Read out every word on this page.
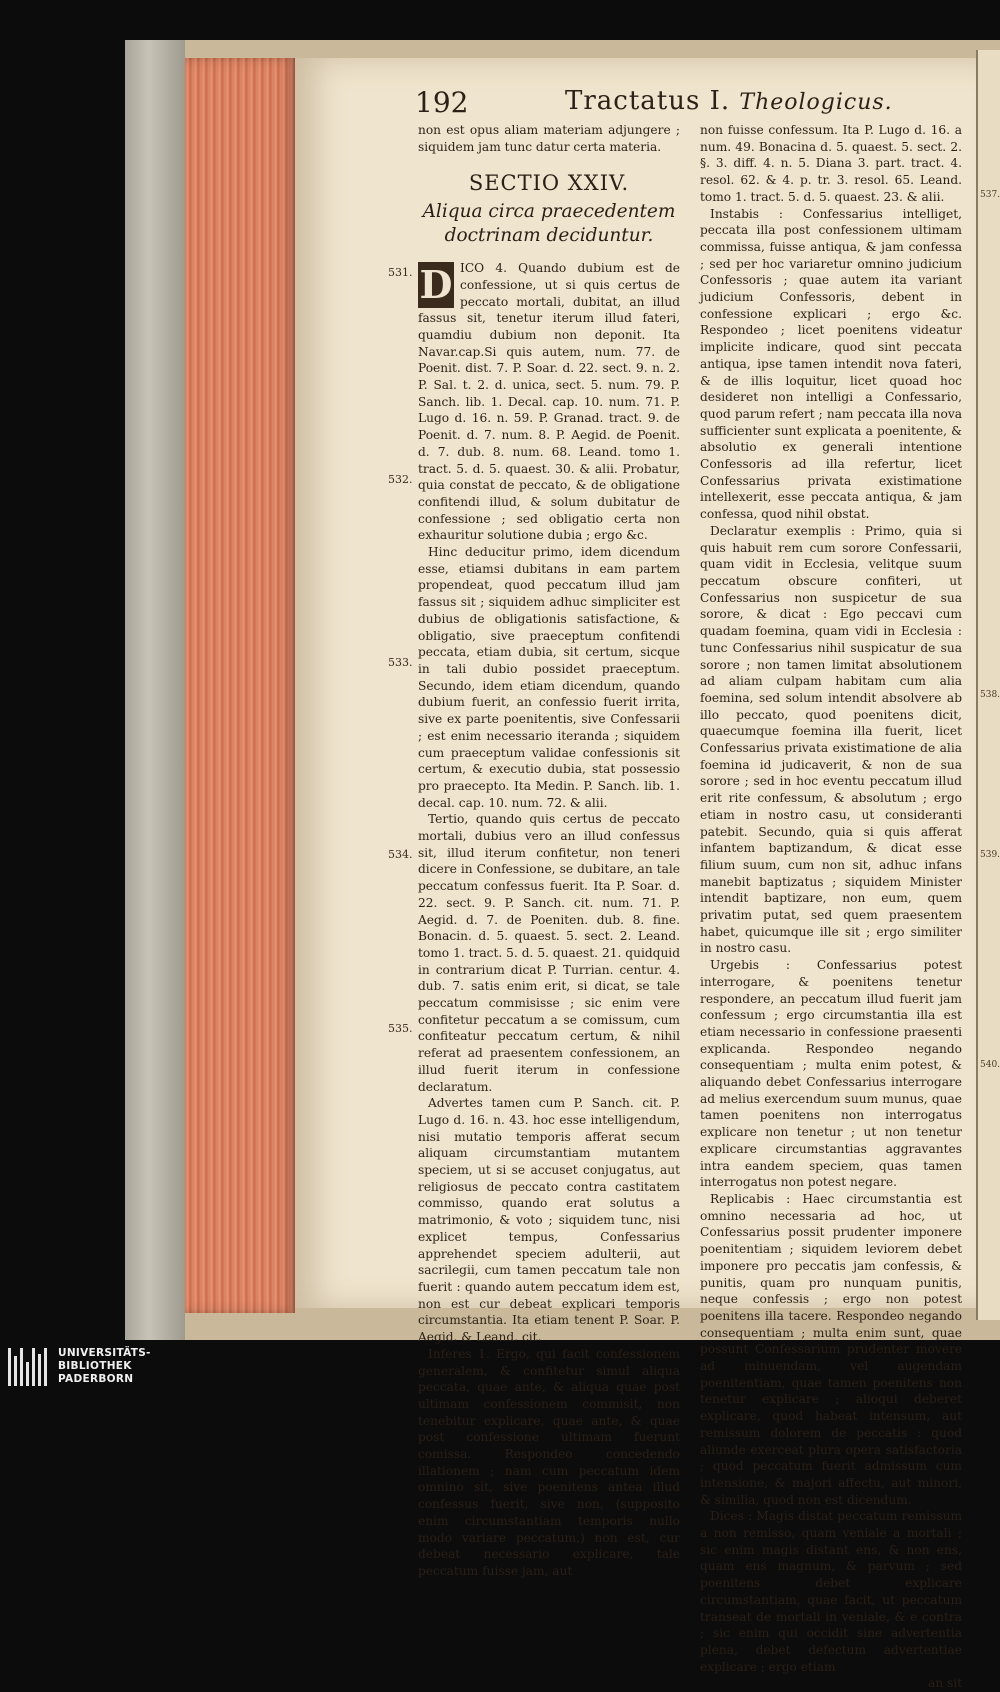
537.
538.
539.
540.
192	Tractatus I. Theologicus.
531.
532.
533.
534.
535.

non est opus aliam materiam adjungere ; siquidem jam tunc datur certa materia.

SECTIO XXIV.
Aliqua circa praecedentem doctrinam deciduntur.

D ICO 4. Quando dubium est de confessione, ut si quis certus de peccato mortali, dubitat, an illud fassus sit, tenetur iterum illud fateri, quamdiu dubium non deponit. Ita Navar.cap.Si quis autem, num. 77. de Poenit. dist. 7. P. Soar. d. 22. sect. 9. n. 2. P. Sal. t. 2. d. unica, sect. 5. num. 79. P. Sanch. lib. 1. Decal. cap. 10. num. 71. P. Lugo d. 16. n. 59. P. Granad. tract. 9. de Poenit. d. 7. num. 8. P. Aegid. de Poenit. d. 7. dub. 8. num. 68. Leand. tomo 1. tract. 5. d. 5. quaest. 30. & alii. Probatur, quia constat de peccato, & de obligatione confitendi illud, & solum dubitatur de confessione ; sed obligatio certa non exhauritur solutione dubia ; ergo &c.

Hinc deducitur primo, idem dicendum esse, etiamsi dubitans in eam partem propendeat, quod peccatum illud jam fassus sit ; siquidem adhuc simpliciter est dubius de obligationis satisfactione, & obligatio, sive praeceptum confitendi peccata, etiam dubia, sit certum, sicque in tali dubio possidet praeceptum. Secundo, idem etiam dicendum, quando dubium fuerit, an confessio fuerit irrita, sive ex parte poenitentis, sive Confessarii ; est enim necessario iteranda ; siquidem cum praeceptum validae confessionis sit certum, & executio dubia, stat possessio pro praecepto. Ita Medin. P. Sanch. lib. 1. decal. cap. 10. num. 72. & alii.

Tertio, quando quis certus de peccato mortali, dubius vero an illud confessus sit, illud iterum confitetur, non teneri dicere in Confessione, se dubitare, an tale peccatum confessus fuerit. Ita P. Soar. d. 22. sect. 9. P. Sanch. cit. num. 71. P. Aegid. d. 7. de Poeniten. dub. 8. fine. Bonacin. d. 5. quaest. 5. sect. 2. Leand. tomo 1. tract. 5. d. 5. quaest. 21. quidquid in contrarium dicat P. Turrian. centur. 4. dub. 7. satis enim erit, si dicat, se tale peccatum commisisse ; sic enim vere confitetur peccatum a se comissum, cum confiteatur peccatum certum, & nihil referat ad praesentem confessionem, an illud fuerit iterum in confessione declaratum.

Advertes tamen cum P. Sanch. cit. P. Lugo d. 16. n. 43. hoc esse intelligendum, nisi mutatio temporis afferat secum aliquam circumstantiam mutantem speciem, ut si se accuset conjugatus, aut religiosus de peccato contra castitatem commisso, quando erat solutus a matrimonio, & voto ; siquidem tunc, nisi explicet tempus, Confessarius apprehendet speciem adulterii, aut sacrilegii, cum tamen peccatum tale non fuerit : quando autem peccatum idem est, non est cur debeat explicari temporis circumstantia. Ita etiam tenent P. Soar. P. Aegid. & Leand. cit.

Inferes 1. Ergo, qui facit confessionem generalem, & confitetur simul aliqua peccata, quae ante, & aliqua quae post ultimam confessionem commisit, non tenebitur explicare, quae ante, & quae post confessione ultimam fuerunt comissa. Respondeo concedendo illationem ; nam cum peccatum idem omnino sit, sive poenitens antea illud confessus fuerit, sive non, (supposito enim circumstantiam temporis nullo modo variare peccatum,) non est, cur debeat necessario explicare, tale peccatum fuisse jam, aut

non fuisse confessum. Ita P. Lugo d. 16. a num. 49. Bonacina d. 5. quaest. 5. sect. 2. §. 3. diff. 4. n. 5. Diana 3. part. tract. 4. resol. 62. & 4. p. tr. 3. resol. 65. Leand. tomo 1. tract. 5. d. 5. quaest. 23. & alii.

Instabis : Confessarius intelliget, peccata illa post confessionem ultimam commissa, fuisse antiqua, & jam confessa ; sed per hoc variaretur omnino judicium Confessoris ; quae autem ita variant judicium Confessoris, debent in confessione explicari ; ergo &c. Respondeo ; licet poenitens videatur implicite indicare, quod sint peccata antiqua, ipse tamen intendit nova fateri, & de illis loquitur, licet quoad hoc desideret non intelligi a Confessario, quod parum refert ; nam peccata illa nova sufficienter sunt explicata a poenitente, & absolutio ex generali intentione Confessoris ad illa refertur, licet Confessarius privata existimatione intellexerit, esse peccata antiqua, & jam confessa, quod nihil obstat.

Declaratur exemplis : Primo, quia si quis habuit rem cum sorore Confessarii, quam vidit in Ecclesia, velitque suum peccatum obscure confiteri, ut Confessarius non suspicetur de sua sorore, & dicat : Ego peccavi cum quadam foemina, quam vidi in Ecclesia : tunc Confessarius nihil suspicatur de sua sorore ; non tamen limitat absolutionem ad aliam culpam habitam cum alia foemina, sed solum intendit absolvere ab illo peccato, quod poenitens dicit, quaecumque foemina illa fuerit, licet Confessarius privata existimatione de alia foemina id judicaverit, & non de sua sorore ; sed in hoc eventu peccatum illud erit rite confessum, & absolutum ; ergo etiam in nostro casu, ut consideranti patebit. Secundo, quia si quis afferat infantem baptizandum, & dicat esse filium suum, cum non sit, adhuc infans manebit baptizatus ; siquidem Minister intendit baptizare, non eum, quem privatim putat, sed quem praesentem habet, quicumque ille sit ; ergo similiter in nostro casu.

Urgebis : Confessarius potest interrogare, & poenitens tenetur respondere, an peccatum illud fuerit jam confessum ; ergo circumstantia illa est etiam necessario in confessione praesenti explicanda. Respondeo negando consequentiam ; multa enim potest, & aliquando debet Confessarius interrogare ad melius exercendum suum munus, quae tamen poenitens non interrogatus explicare non tenetur ; ut non tenetur explicare circumstantias aggravantes intra eandem speciem, quas tamen interrogatus non potest negare.

Replicabis : Haec circumstantia est omnino necessaria ad hoc, ut Confessarius possit prudenter imponere poenitentiam ; siquidem leviorem debet imponere pro peccatis jam confessis, & punitis, quam pro nunquam punitis, neque confessis ; ergo non potest poenitens illa tacere. Respondeo negando consequentiam ; multa enim sunt, quae possunt Confessarium prudenter movere ad minuendam, vel augendam poenitentiam, quae tamen poenitens non tenetur explicare ; alioqui deberet explicare, quod habeat intensum, aut remissum dolorem de peccatis : quod aliunde exerceat plura opera satisfactoria ; quod peccatum fuerit admissum cum intensione, & majori affectu, aut minori, & similia, quod non est dicendum.

Dices : Magis distat peccatum remissum a non remisso, quam veniale a mortali ; sic enim magis distant ens, & non ens, quam ens magnum, & parvum ; sed poenitens debet explicare circumstantiam, quae facit, ut peccatum transeat de mortali in veniale, & e contra ; sic enim qui occidit sine advertentia plena, debet defectum advertentiae explicare ; ergo etiam

an sit

UNIVERSITÄTS-
BIBLIOTHEK
PADERBORN
